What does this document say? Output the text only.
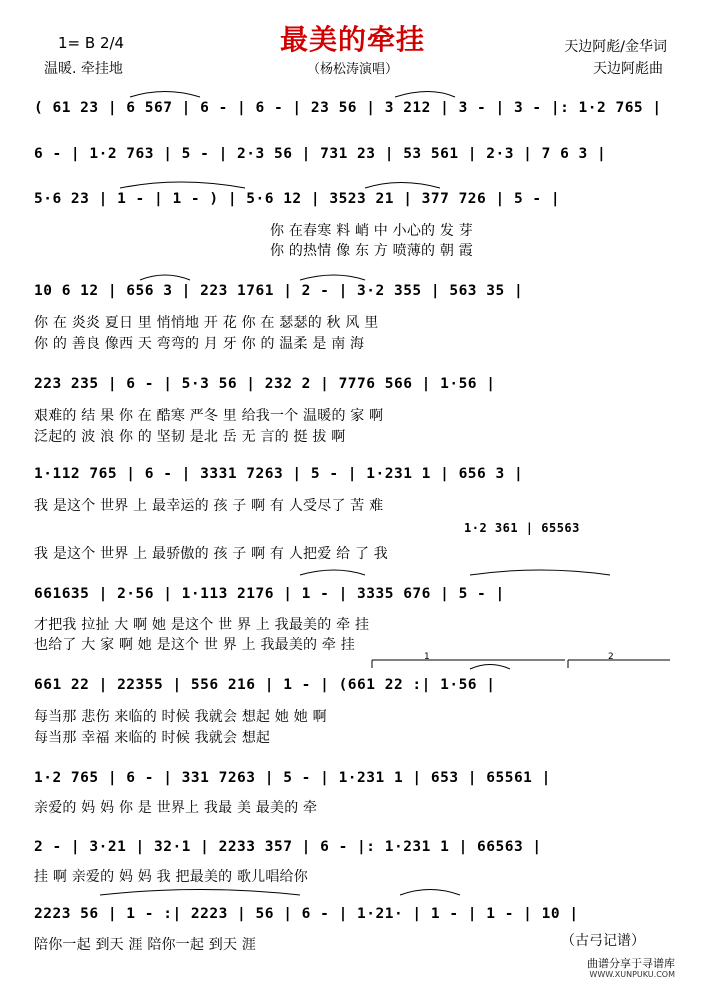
最美的牵挂
（杨松涛演唱）
1= B 2/4
温暖. 牵挂地
天边阿彪/金华词
天边阿彪曲
( 61 23 | 6 567 | 6 - | 6 - | 23 56 | 3 212 | 3 - | 3 - |: 1·2 765 |
6 - | 1·2 763 | 5 - | 2·3 56 | 731 23 | 53 561 | 2·3 | 7 6 3 |
5·6 23 | 1 - | 1 - ) | 5·6 12 | 3523 21 | 377 726 | 5 - |
你 在春寒 料 峭 中 小心的 发 芽
你 的热情 像 东 方 喷薄的 朝 霞
10 6 12 | 656 3 | 223 1761 | 2 - | 3·2 355 | 563 35 |
你 在 炎炎 夏日 里 悄悄地 开 花 你 在 瑟瑟的 秋 风 里
你 的 善良 像西 天 弯弯的 月 牙 你 的 温柔 是 南 海
223 235 | 6 - | 5·3 56 | 232 2 | 7776 566 | 1·56 |
艰难的 结 果 你 在 酷寒 严冬 里 给我一个 温暖的 家 啊
泛起的 波 浪 你 的 坚韧 是北 岳 无 言的 挺 拔 啊
1·112 765 | 6 - | 3331 7263 | 5 - | 1·231 1 | 656 3 |
我 是这个 世界 上 最幸运的 孩 子 啊 有 人受尽了 苦 难
1·2 361 | 65563
我 是这个 世界 上 最骄傲的 孩 子 啊 有 人把爱 给 了 我
661635 | 2·56 | 1·113 2176 | 1 - | 3335 676 | 5 - |
才把我 拉扯 大 啊 她 是这个 世 界 上 我最美的 牵 挂
也给了 大 家 啊 她 是这个 世 界 上 我最美的 牵 挂
1	2
661 22 | 22355 | 556 216 | 1 - | (661 22 :| 1·56 |
每当那 悲伤 来临的 时候 我就会 想起 她 她 啊
每当那 幸福 来临的 时候 我就会 想起
1·2 765 | 6 - | 331 7263 | 5 - | 1·231 1 | 653 | 65561 |
亲爱的 妈 妈 你 是 世界上 我最 美 最美的 牵
2 - | 3·21 | 32·1 | 2233 357 | 6 - |: 1·231 1 | 66563 |
挂 啊 亲爱的 妈 妈 我 把最美的 歌儿唱给你
2223 56 | 1 - :| 2223 | 56 | 6 - | 1·21· | 1 - | 1 - | 10 |
陪你一起 到天 涯 陪你一起 到天 涯	（古弓记谱）
曲谱分享于寻谱库
WWW.XUNPUKU.COM
